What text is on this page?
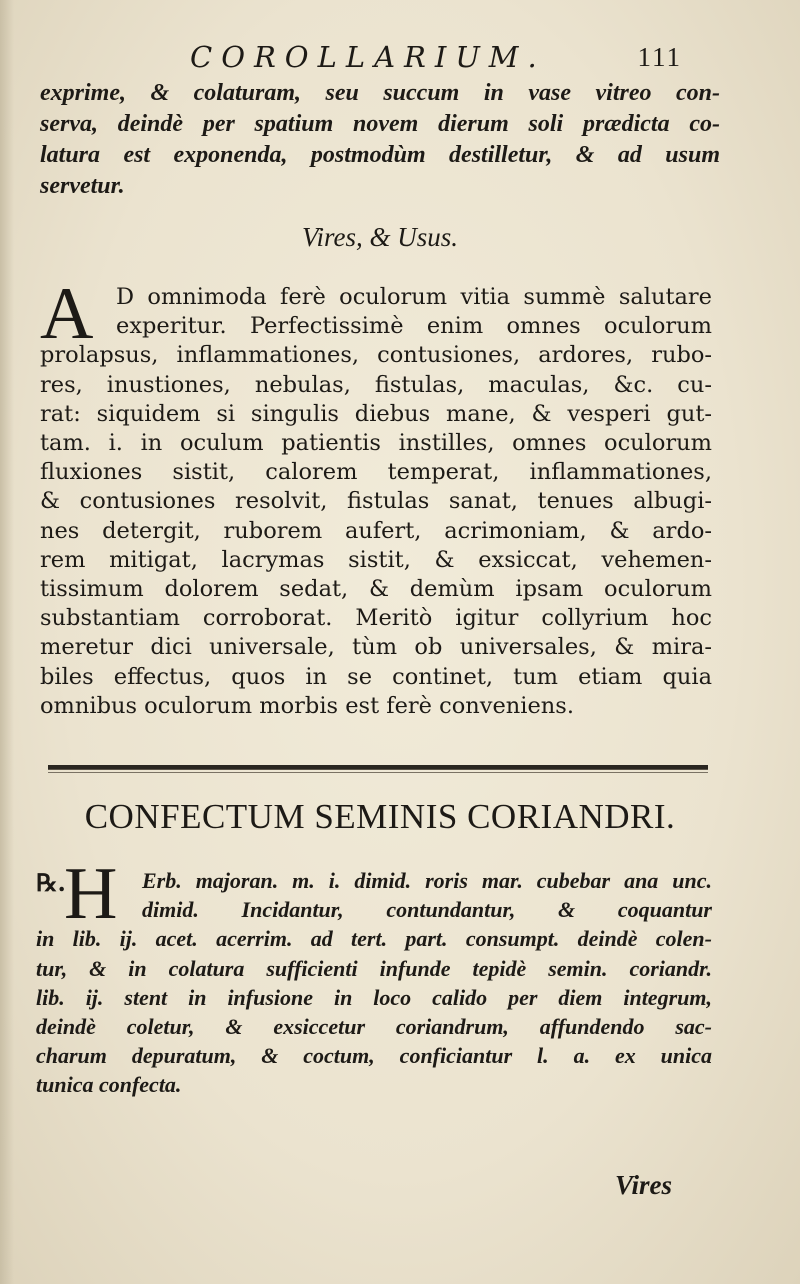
COROLLARIUM.	111
exprime, & colaturam, seu succum in vase vitreo con-
serva, deindè per spatium novem dierum soli prædicta co-
latura est exponenda, postmodùm destilletur, & ad usum
servetur.
Vires, & Usus.
A	D omnimoda ferè oculorum vitia summè salutare
experitur. Perfectissimè enim omnes oculorum
prolapsus, inflammationes, contusiones, ardores, rubo-
res, inustiones, nebulas, fistulas, maculas, &c. cu-
rat: siquidem si singulis diebus mane, & vesperi gut-
tam. i. in oculum patientis instilles, omnes oculorum
fluxiones sistit, calorem temperat, inflammationes,
& contusiones resolvit, fistulas sanat, tenues albugi-
nes detergit, ruborem aufert, acrimoniam, & ardo-
rem mitigat, lacrymas sistit, & exsiccat, vehemen-
tissimum dolorem sedat, & demùm ipsam oculorum
substantiam corroborat. Meritò igitur collyrium hoc
meretur dici universale, tùm ob universales, & mira-
biles effectus, quos in se continet, tum etiam quia
omnibus oculorum morbis est ferè conveniens.
CONFECTUM SEMINIS CORIANDRI.
℞.
H	Erb. majoran. m. i. dimid. roris mar. cubebar ana unc.
dimid. Incidantur, contundantur, & coquantur
in lib. ij. acet. acerrim. ad tert. part. consumpt. deindè colen-
tur, & in colatura sufficienti infunde tepidè semin. coriandr.
lib. ij. stent in infusione in loco calido per diem integrum,
deindè coletur, & exsiccetur coriandrum, affundendo sac-
charum depuratum, & coctum, conficiantur l. a. ex unica
tunica confecta.
Vires
